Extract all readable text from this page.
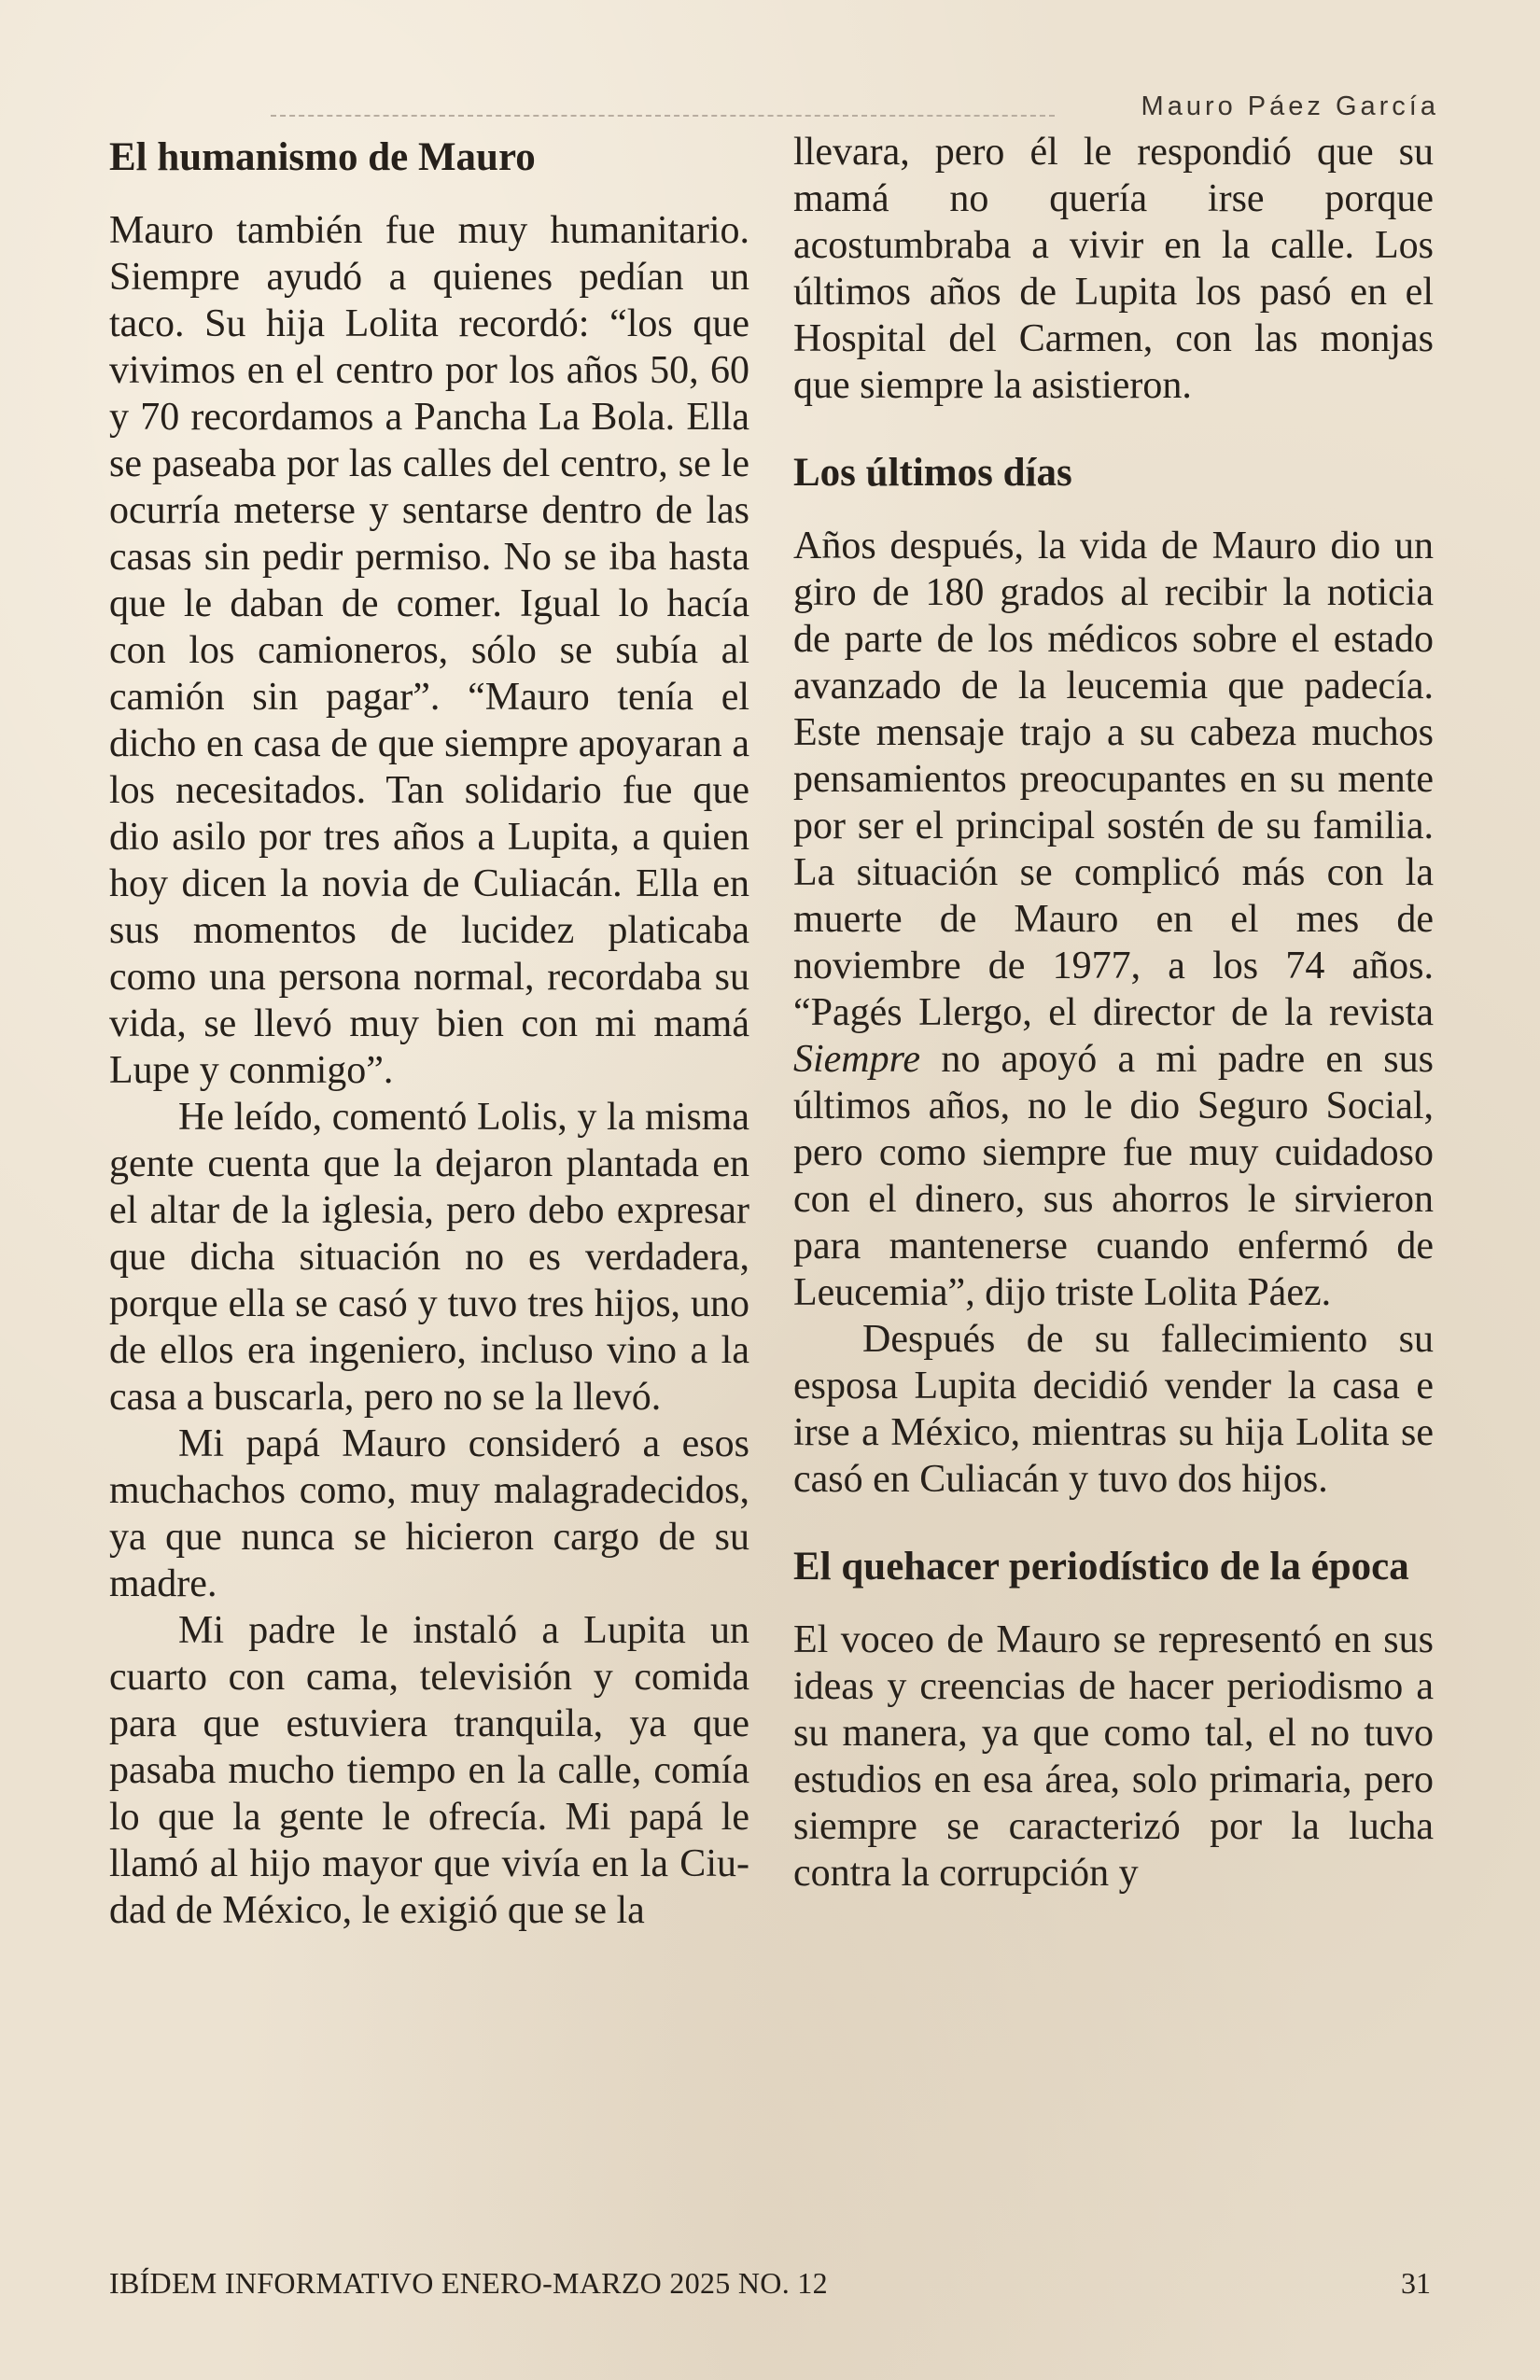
Mauro Páez García
El humanismo de Mauro

Mauro también fue muy humanitario. Siempre ayudó a quienes pedían un taco. Su hija Lolita recordó: “los que vivimos en el centro por los años 50, 60 y 70 recordamos a Pancha La Bola. Ella se paseaba por las calles del centro, se le ocurría meterse y sentarse dentro de las casas sin pedir permiso. No se iba hasta que le daban de comer. Igual lo hacía con los camioneros, sólo se subía al camión sin pagar”. “Mauro tenía el dicho en casa de que siempre apoyaran a los necesitados. Tan solidario fue que dio asilo por tres años a Lupita, a quien hoy dicen la novia de Culiacán. Ella en sus momentos de lucidez platicaba como una persona normal, recordaba su vida, se llevó muy bien con mi mamá Lupe y conmigo”.

He leído, comentó Lolis, y la misma gente cuenta que la dejaron plantada en el altar de la iglesia, pero debo expresar que dicha situación no es verdadera, porque ella se casó y tuvo tres hijos, uno de ellos era ingeniero, incluso vino a la casa a buscarla, pero no se la llevó.

Mi papá Mauro consideró a esos muchachos como, muy malagradecidos, ya que nunca se hicieron cargo de su madre.

Mi padre le instaló a Lupita un cuarto con cama, televisión y comida para que estuviera tranquila, ya que pasaba mucho tiempo en la calle, comía lo que la gente le ofrecía. Mi papá le llamó al hijo mayor que vivía en la Ciudad de México, le exigió que se la

llevara, pero él le respondió que su mamá no quería irse porque acostumbraba a vivir en la calle. Los últimos años de Lupita los pasó en el Hospital del Carmen, con las monjas que siempre la asistieron.

Los últimos días

Años después, la vida de Mauro dio un giro de 180 grados al recibir la noticia de parte de los médicos sobre el estado avanzado de la leucemia que padecía. Este mensaje trajo a su cabeza muchos pensamientos preocupantes en su mente por ser el principal sostén de su familia. La situación se complicó más con la muerte de Mauro en el mes de noviembre de 1977, a los 74 años. “Pagés Llergo, el director de la revista Siempre no apoyó a mi padre en sus últimos años, no le dio Seguro Social, pero como siempre fue muy cuidadoso con el dinero, sus ahorros le sirvieron para mantenerse cuando enfermó de Leucemia”, dijo triste Lolita Páez.

Después de su fallecimiento su esposa Lupita decidió vender la casa e irse a México, mientras su hija Lolita se casó en Culiacán y tuvo dos hijos.

El quehacer periodístico de la época

El voceo de Mauro se representó en sus ideas y creencias de hacer periodismo a su manera, ya que como tal, el no tuvo estudios en esa área, solo primaria, pero siempre se caracterizó por la lucha contra la corrupción y

IBÍDEM INFORMATIVO ENERO-MARZO 2025 NO. 12	31
